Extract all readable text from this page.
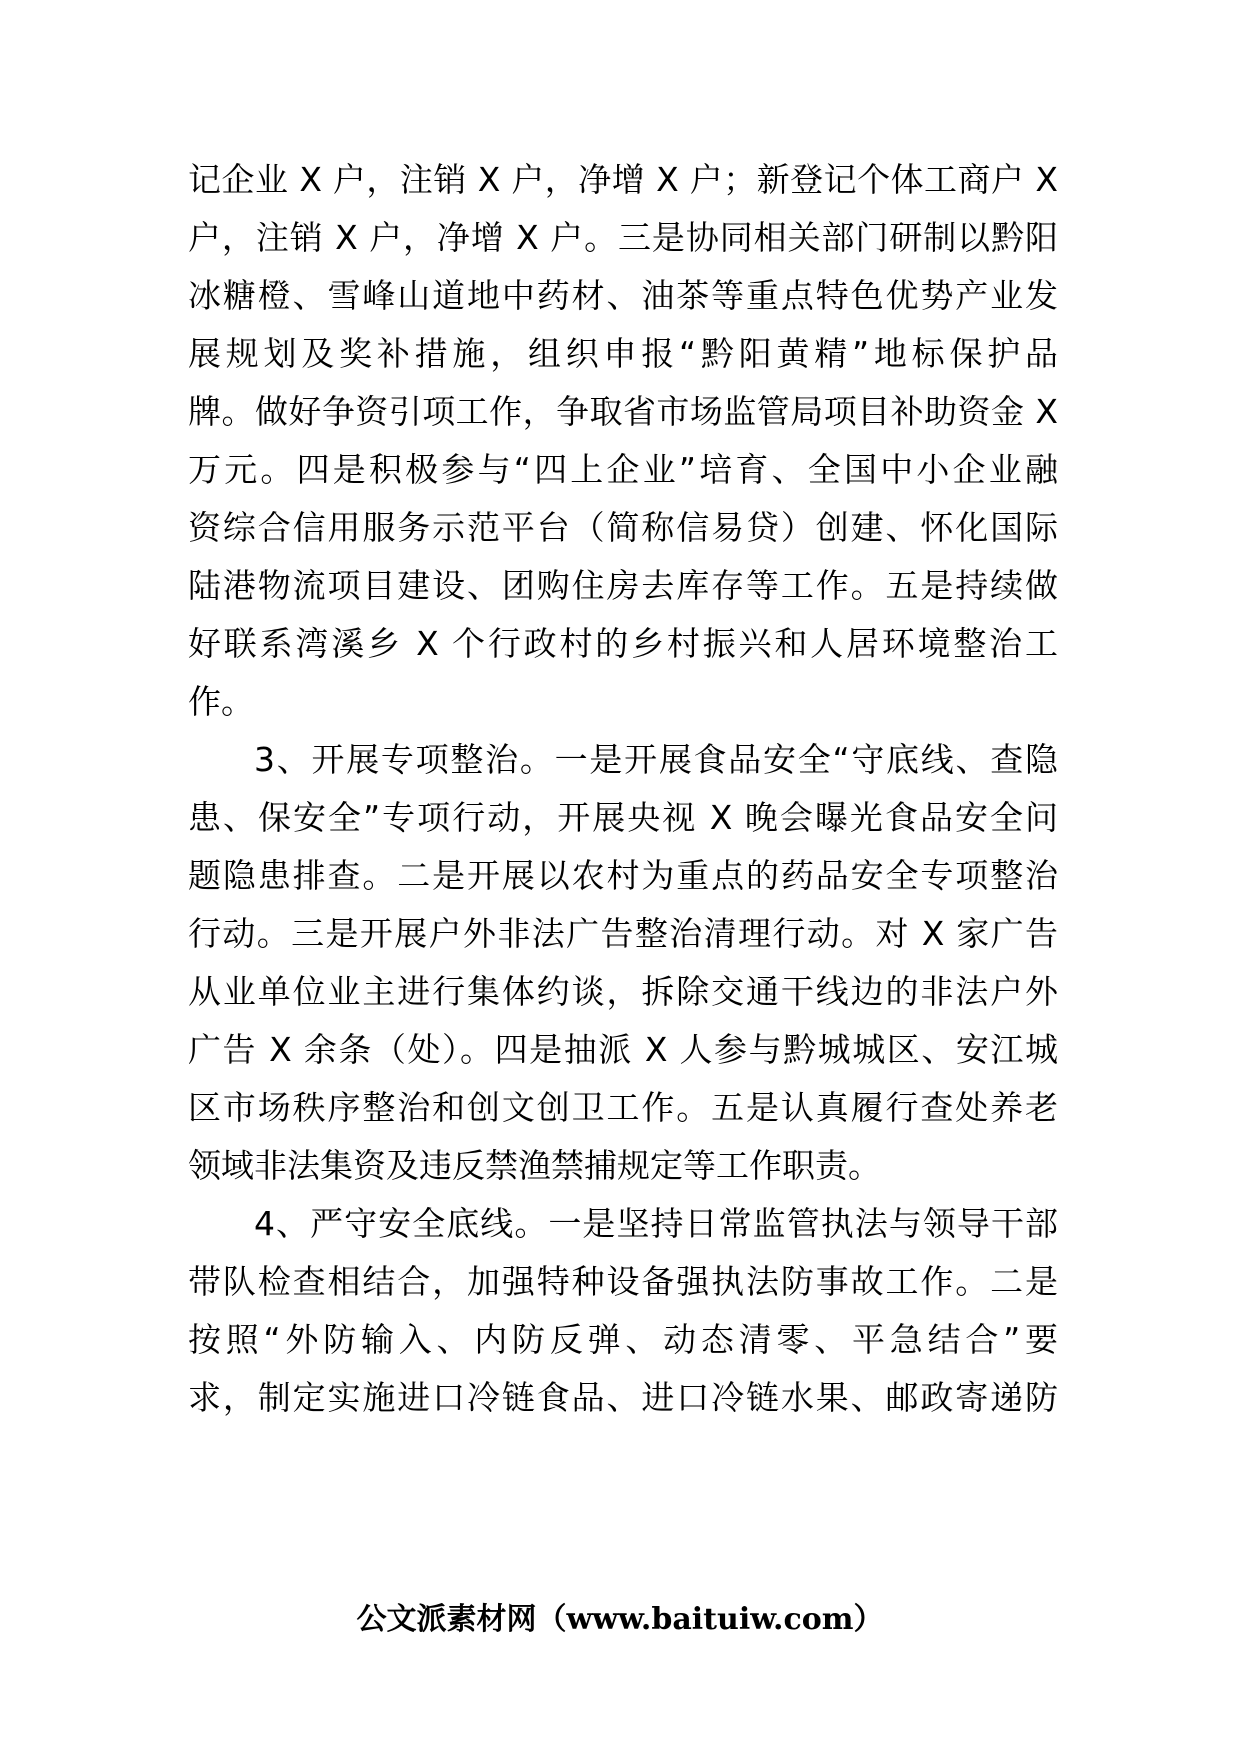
记企业 X 户，注销 X 户，净增 X 户；新登记个体工商户 X
户，注销 X 户，净增 X 户。三是协同相关部门研制以黔阳
冰糖橙、雪峰山道地中药材、油茶等重点特色优势产业发
展规划及奖补措施，组织申报“黔阳黄精”地标保护品
牌。做好争资引项工作，争取省市场监管局项目补助资金 X
万元。四是积极参与“四上企业”培育、全国中小企业融
资综合信用服务示范平台（简称信易贷）创建、怀化国际
陆港物流项目建设、团购住房去库存等工作。五是持续做
好联系湾溪乡 X 个行政村的乡村振兴和人居环境整治工
作。
3、开展专项整治。一是开展食品安全“守底线、查隐
患、保安全”专项行动，开展央视 X 晚会曝光食品安全问
题隐患排查。二是开展以农村为重点的药品安全专项整治
行动。三是开展户外非法广告整治清理行动。对 X 家广告
从业单位业主进行集体约谈，拆除交通干线边的非法户外
广告 X 余条（处）。四是抽派 X 人参与黔城城区、安江城
区市场秩序整治和创文创卫工作。五是认真履行查处养老
领域非法集资及违反禁渔禁捕规定等工作职责。
4、严守安全底线。一是坚持日常监管执法与领导干部
带队检查相结合，加强特种设备强执法防事故工作。二是
按照“外防输入、内防反弹、动态清零、平急结合”要
求，制定实施进口冷链食品、进口冷链水果、邮政寄递防
公文派素材网（www.baituiw.com）
